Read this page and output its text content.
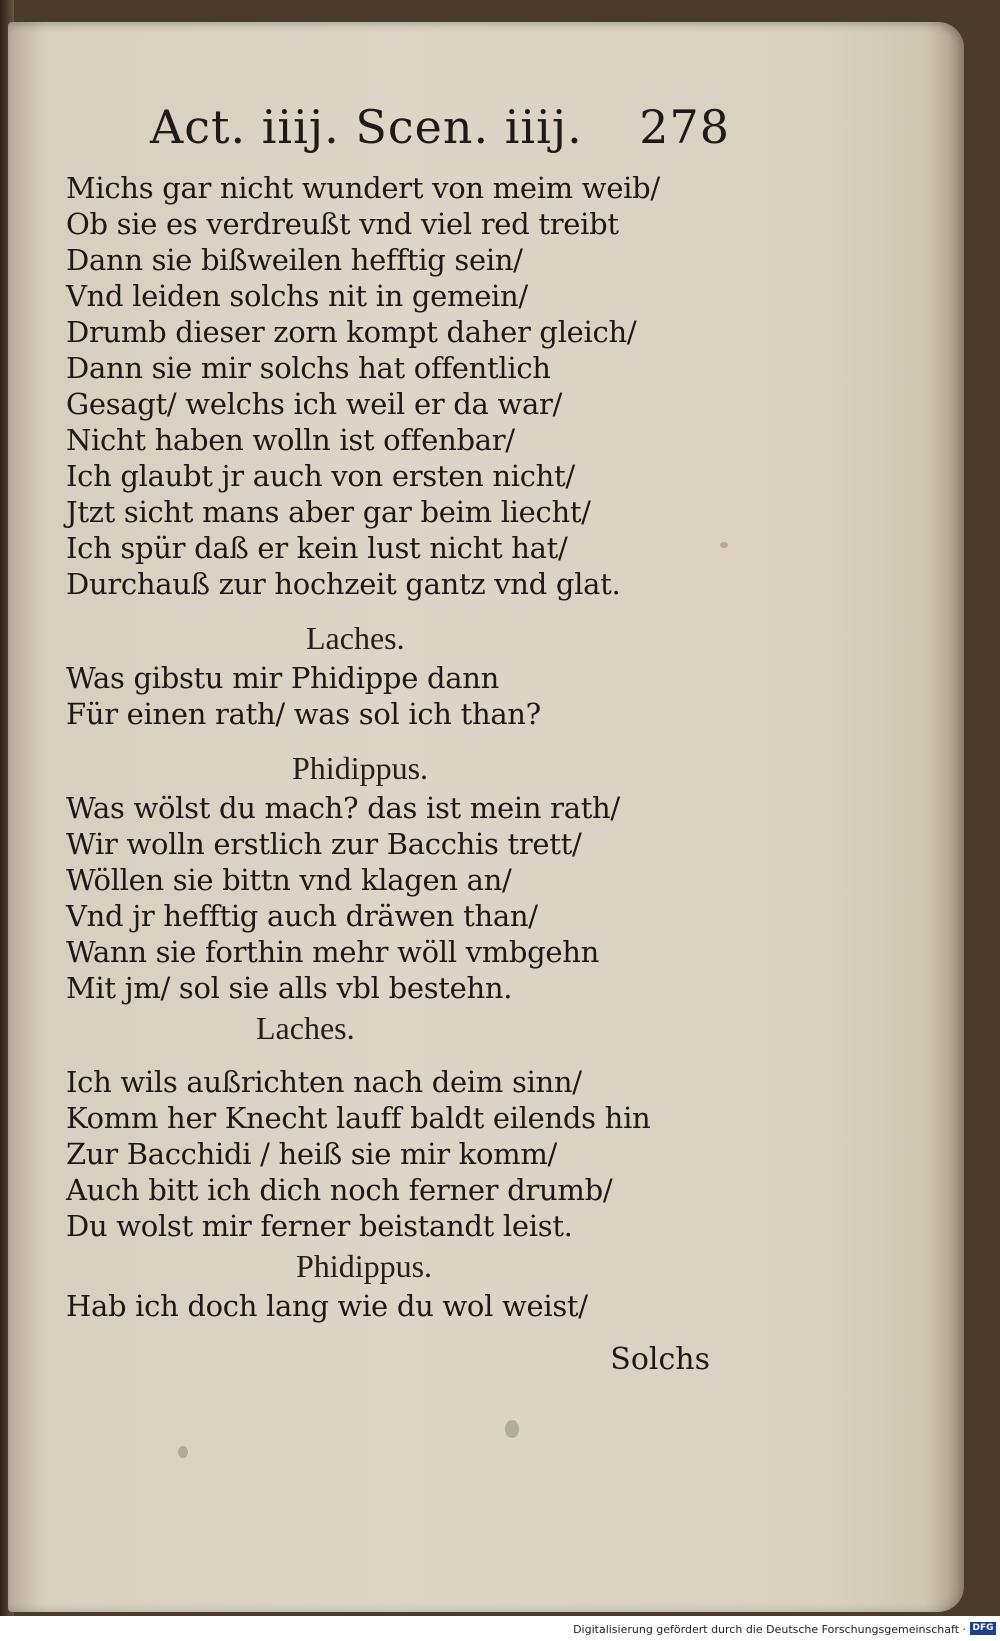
Act. iiij. Scen. iiij. 278
Michs gar nicht wundert von meim weib/
Ob sie es verdreußt vnd viel red treibt
Dann sie bißweilen hefftig sein/
Vnd leiden solchs nit in gemein/
Drumb dieser zorn kompt daher gleich/
Dann sie mir solchs hat offentlich
Gesagt/ welchs ich weil er da war/
Nicht haben wolln ist offenbar/
Ich glaubt jr auch von ersten nicht/
Jtzt sicht mans aber gar beim liecht/
Ich spür daß er kein lust nicht hat/
Durchauß zur hochzeit gantz vnd glat.
Laches.
Was gibstu mir Phidippe dann
Für einen rath/ was sol ich than?
Phidippus.
Was wölst du mach? das ist mein rath/
Wir wolln erstlich zur Bacchis trett/
Wöllen sie bittn vnd klagen an/
Vnd jr hefftig auch dräwen than/
Wann sie forthin mehr wöll vmbgehn
Mit jm/ sol sie alls vbl bestehn.
Laches.
Ich wils außrichten nach deim sinn/
Komm her Knecht lauff baldt eilends hin
Zur Bacchidi / heiß sie mir komm/
Auch bitt ich dich noch ferner drumb/
Du wolst mir ferner beistandt leist.
Phidippus.
Hab ich doch lang wie du wol weist/
Solchs
Digitalisierung gefördert durch die Deutsche Forschungsgemeinschaft · DFG
